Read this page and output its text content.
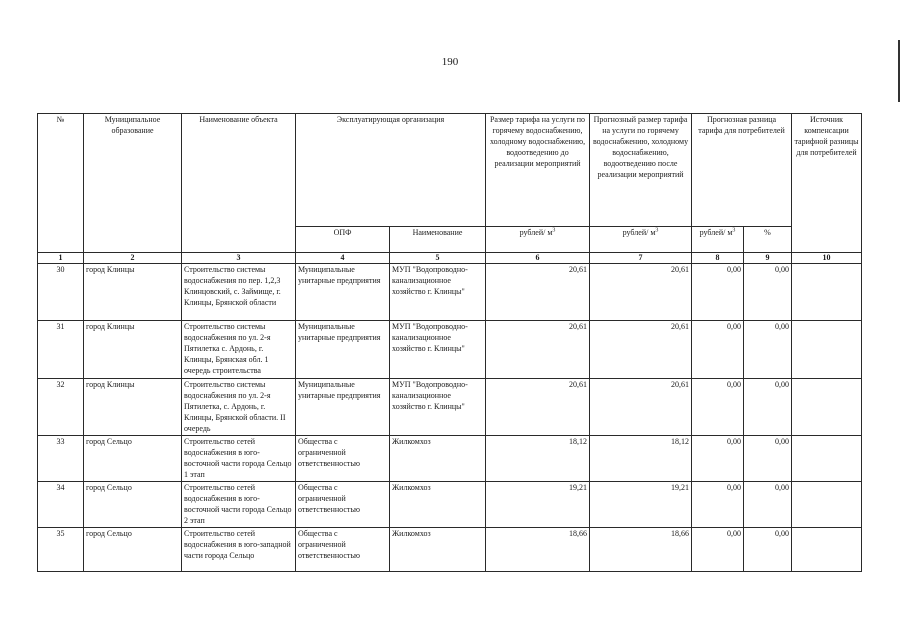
190
№	Муниципальное образование	Наименование объекта	Эксплуатирующая организация		Размер тарифа на услуги по горячему водоснабжению, холодному водоснабжению, водоотведению до реализации мероприятий	Прогнозный размер тарифа на услуги по горячему водоснабжению, холодному водоснабжению, водоотведению после реализации мероприятий	Прогнозная разница тарифа для потребителей		Источник компенсации тарифной разницы для потребителей
			ОПФ	Наименование	рублей/ $м^3$	рублей/ $м^3$	рублей/ $м^3$	%	
1	2	3	4	5	6	7	8	9	10
30	город Клинцы	Строительство системы водоснабжения по пер. 1,2,3 Клинцовский, с. Займище, г. Клинцы, Брянской области	Муниципальные унитарные предприятия	МУП "Водопроводно-канализационное хозяйство г. Клинцы"	20,61	20,61	0,00	0,00	
31	город Клинцы	Строительство системы водоснабжения по ул. 2-я Пятилетка с. Ардонь, г. Клинцы, Брянская обл. 1 очередь строительства	Муниципальные унитарные предприятия	МУП "Водопроводно-канализационное хозяйство г. Клинцы"	20,61	20,61	0,00	0,00	
32	город Клинцы	Строительство системы водоснабжения по ул. 2-я Пятилетка, с. Ардонь, г. Клинцы, Брянской области. II очередь	Муниципальные унитарные предприятия	МУП "Водопроводно-канализационное хозяйство г. Клинцы"	20,61	20,61	0,00	0,00	
33	город Сельцо	Строительство сетей водоснабжения в юго-восточной части города Сельцо 1 этап	Общества с ограниченной ответственностью	Жилкомхоз	18,12	18,12	0,00	0,00	
34	город Сельцо	Строительство сетей водоснабжения в юго-восточной части города Сельцо 2 этап	Общества с ограниченной ответственностью	Жилкомхоз	19,21	19,21	0,00	0,00	
35	город Сельцо	Строительство сетей водоснабжения в юго-западной части города Сельцо	Общества с ограниченной ответственностью	Жилкомхоз	18,66	18,66	0,00	0,00	
